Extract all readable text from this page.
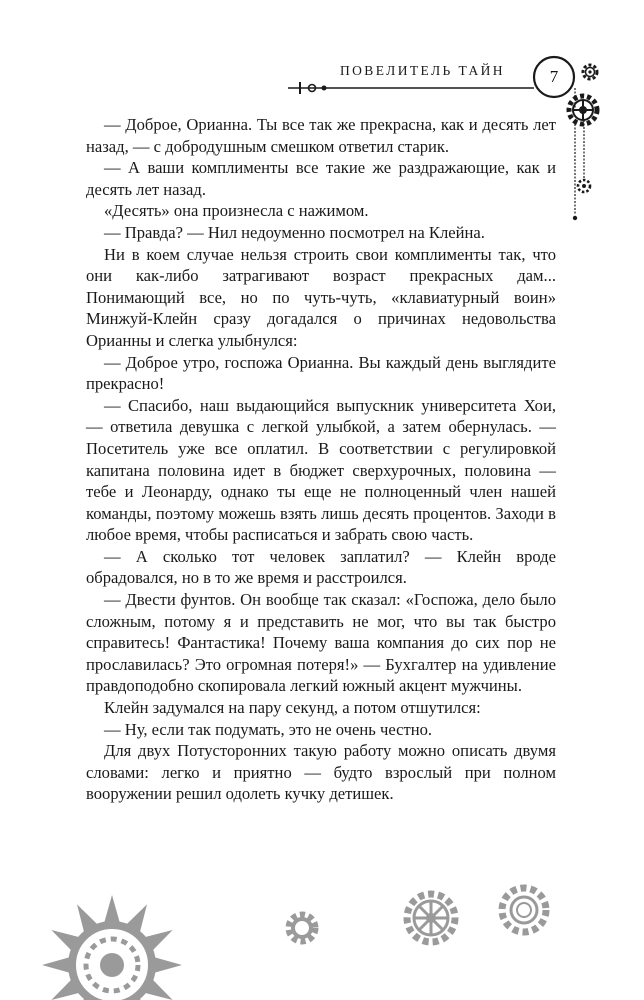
ПОВЕЛИТЕЛЬ ТАЙН	7

— Доброе, Орианна. Ты все так же прекрасна, как и десять лет назад, — с добродушным смешком ответил старик.

— А ваши комплименты все такие же раздражающие, как и десять лет назад.

«Десять» она произнесла с нажимом.

— Правда? — Нил недоуменно посмотрел на Клейна.

Ни в коем случае нельзя строить свои комплименты так, что они как-либо затрагивают возраст прекрасных дам... Понимающий все, но по чуть-чуть, «клавиатурный воин» Минжуй-Клейн сразу догадался о причинах недовольства Орианны и слегка улыбнулся:

— Доброе утро, госпожа Орианна. Вы каждый день выглядите прекрасно!

— Спасибо, наш выдающийся выпускник университета Хои, — ответила девушка с легкой улыбкой, а затем обернулась. — Посетитель уже все оплатил. В соответствии с регулировкой капитана половина идет в бюджет сверхурочных, половина — тебе и Леонарду, однако ты еще не полноценный член нашей команды, поэтому можешь взять лишь десять процентов. Заходи в любое время, чтобы расписаться и забрать свою часть.

— А сколько тот человек заплатил? — Клейн вроде обрадовался, но в то же время и расстроился.

— Двести фунтов. Он вообще так сказал: «Госпожа, дело было сложным, потому я и представить не мог, что вы так быстро справитесь! Фантастика! Почему ваша компания до сих пор не прославилась? Это огромная потеря!» — Бухгалтер на удивление правдоподобно скопировала легкий южный акцент мужчины.

Клейн задумался на пару секунд, а потом отшутился:

— Ну, если так подумать, это не очень честно.

Для двух Потусторонних такую работу можно описать двумя словами: легко и приятно — будто взрослый при полном вооружении решил одолеть кучку детишек.
